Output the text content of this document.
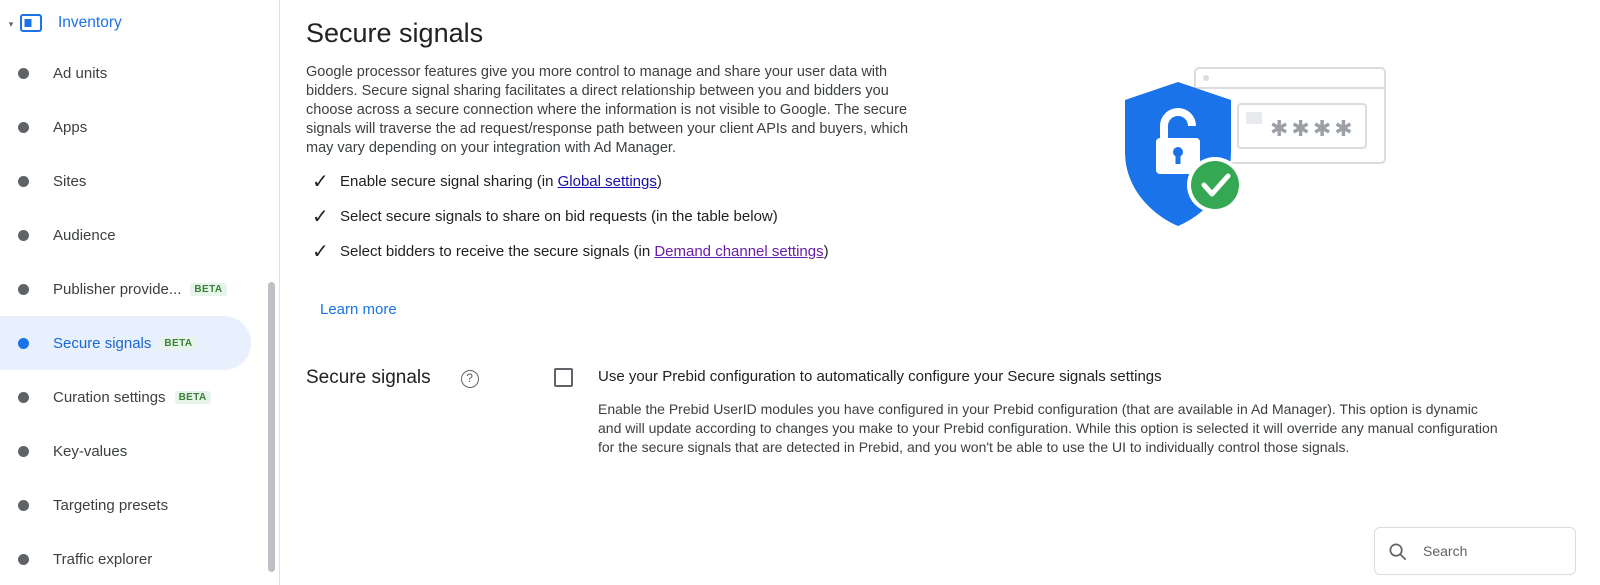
▾	Inventory
Ad units
Apps
Sites
Audience
Publisher provide...	BETA
Secure signals	BETA
Curation settings	BETA
Key-values
Targeting presets
Traffic explorer
Secure signals
Google processor features give you more control to manage and share your user data with bidders. Secure signal sharing facilitates a direct relationship between you and bidders you choose across a secure connection where the information is not visible to Google. The secure signals will traverse the ad request/response path between your client APIs and buyers, which may vary depending on your integration with Ad Manager.
✓ Enable secure signal sharing (in Global settings)
✓ Select secure signals to share on bid requests (in the table below)
✓ Select bidders to receive the secure signals (in Demand channel settings)
Learn more
✱✱✱✱
Secure signals	?	Use your Prebid configuration to automatically configure your Secure signals settings
Enable the Prebid UserID modules you have configured in your Prebid configuration (that are available in Ad Manager). This option is dynamic and will update according to changes you make to your Prebid configuration. While this option is selected it will override any manual configuration for the secure signals that are detected in Prebid, and you won't be able to use the UI to individually control those signals.
Search
